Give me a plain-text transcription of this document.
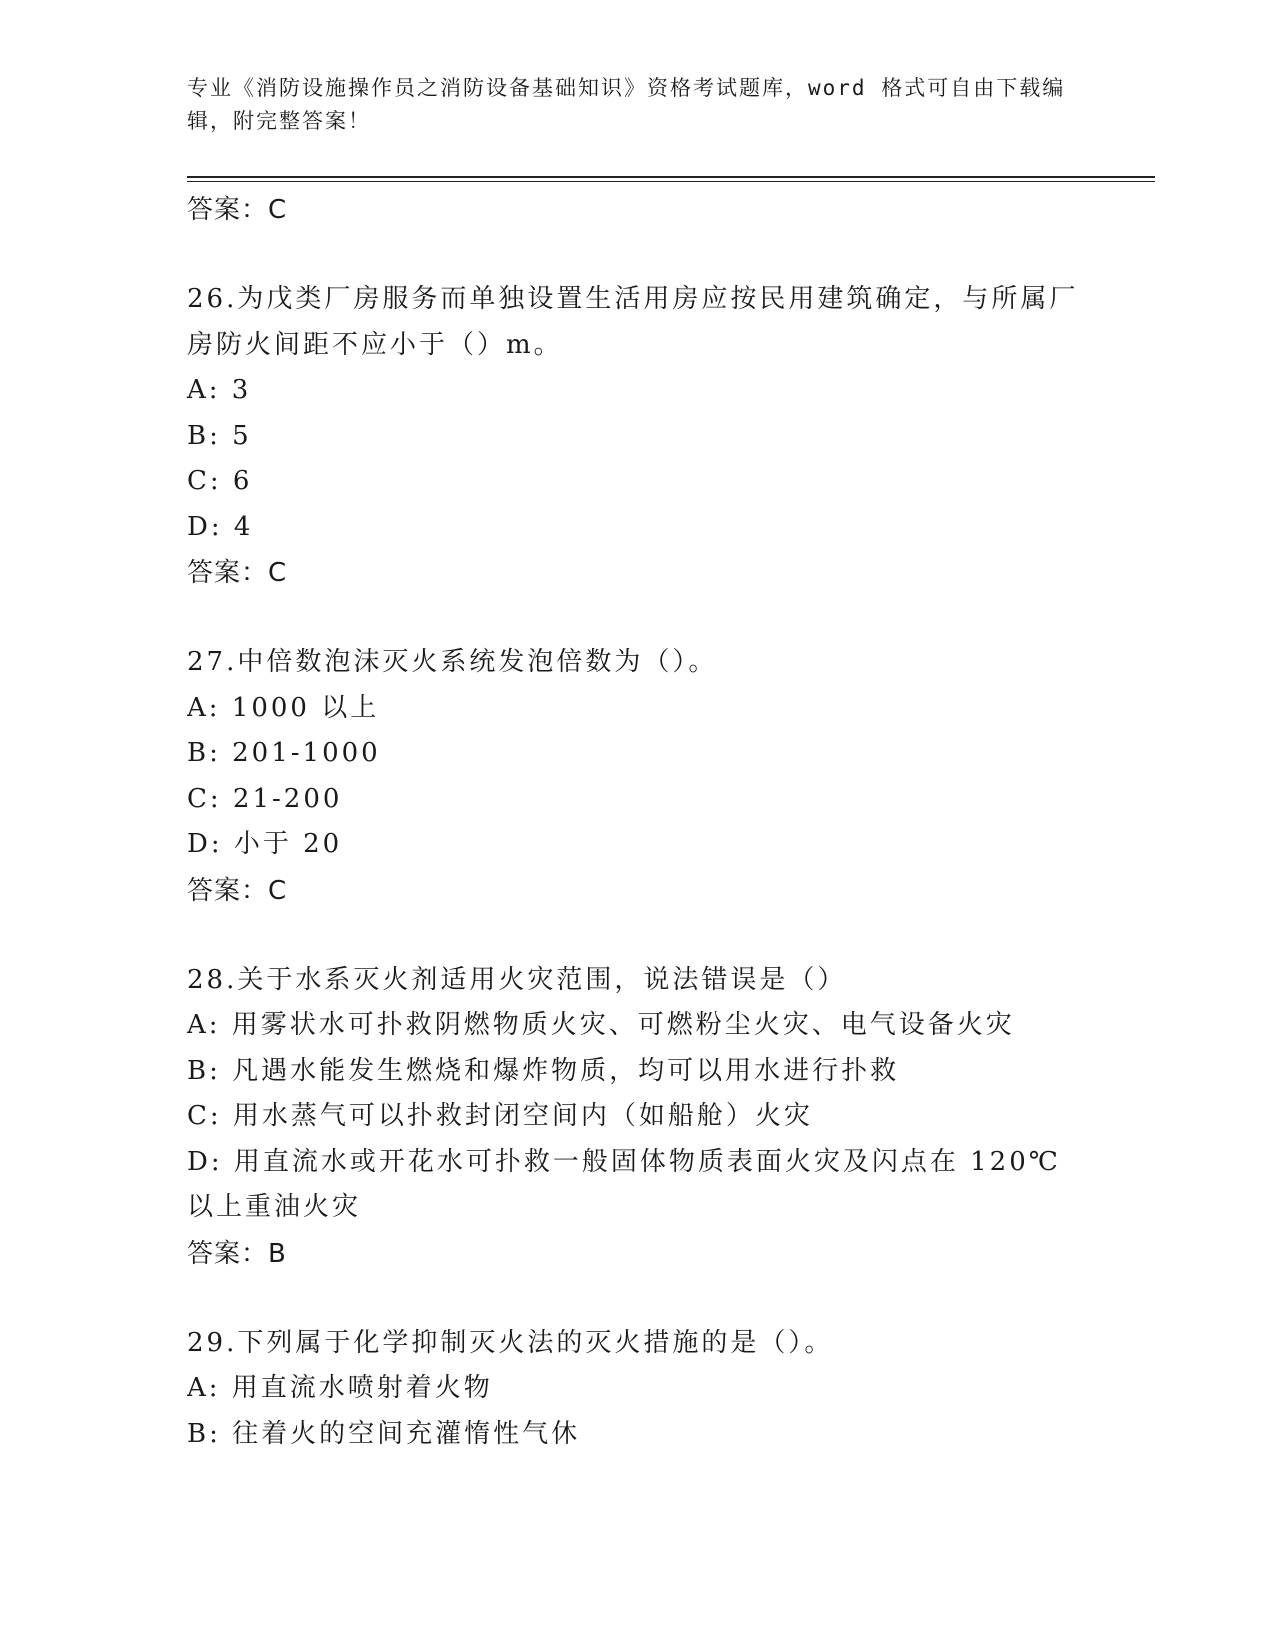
专业《消防设施操作员之消防设备基础知识》资格考试题库，word 格式可自由下载编辑，附完整答案！
答案：C
26.为戊类厂房服务而单独设置生活用房应按民用建筑确定，与所属厂房防火间距不应小于（）m。
A: 3
B: 5
C: 6
D: 4
答案：C
27.中倍数泡沫灭火系统发泡倍数为（）。
A: 1000 以上
B: 201-1000
C: 21-200
D: 小于 20
答案：C
28.关于水系灭火剂适用火灾范围，说法错误是（）
A: 用雾状水可扑救阴燃物质火灾、可燃粉尘火灾、电气设备火灾
B: 凡遇水能发生燃烧和爆炸物质，均可以用水进行扑救
C: 用水蒸气可以扑救封闭空间内（如船舱）火灾
D: 用直流水或开花水可扑救一般固体物质表面火灾及闪点在 120℃以上重油火灾
答案：B
29.下列属于化学抑制灭火法的灭火措施的是（）。
A: 用直流水喷射着火物
B: 往着火的空间充灌惰性气休
